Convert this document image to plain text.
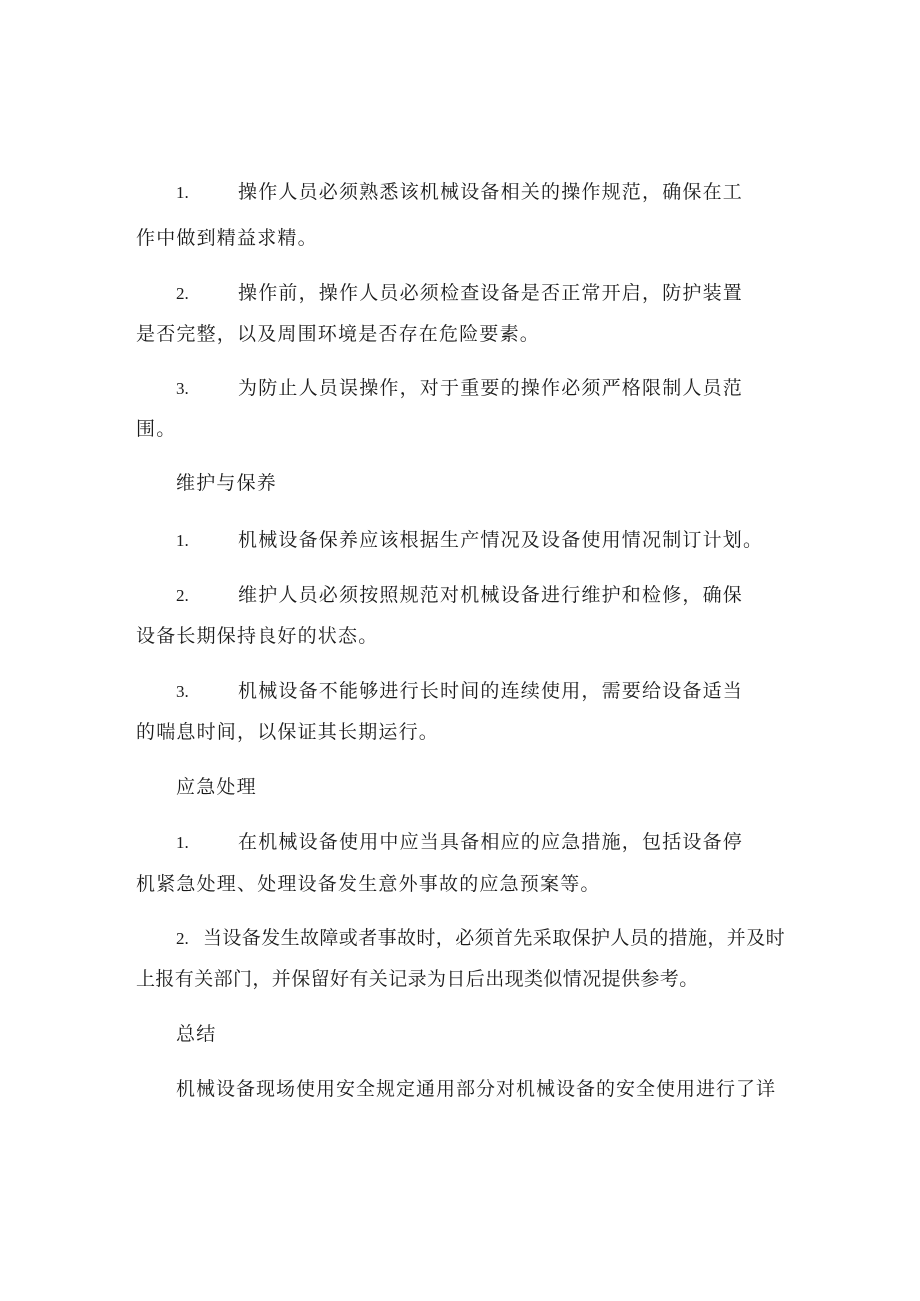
1.	操作人员必须熟悉该机械设备相关的操作规范，确保在工
作中做到精益求精。
2.	操作前，操作人员必须检查设备是否正常开启，防护装置
是否完整，以及周围环境是否存在危险要素。
3.	为防止人员误操作，对于重要的操作必须严格限制人员范
围。
维护与保养
1.	机械设备保养应该根据生产情况及设备使用情况制订计划。
2.	维护人员必须按照规范对机械设备进行维护和检修，确保
设备长期保持良好的状态。
3.	机械设备不能够进行长时间的连续使用，需要给设备适当
的喘息时间，以保证其长期运行。
应急处理
1.	在机械设备使用中应当具备相应的应急措施，包括设备停
机紧急处理、处理设备发生意外事故的应急预案等。
2. 当设备发生故障或者事故时，必须首先采取保护人员的措施，并及时
上报有关部门，并保留好有关记录为日后出现类似情况提供参考。
总结
机械设备现场使用安全规定通用部分对机械设备的安全使用进行了详
